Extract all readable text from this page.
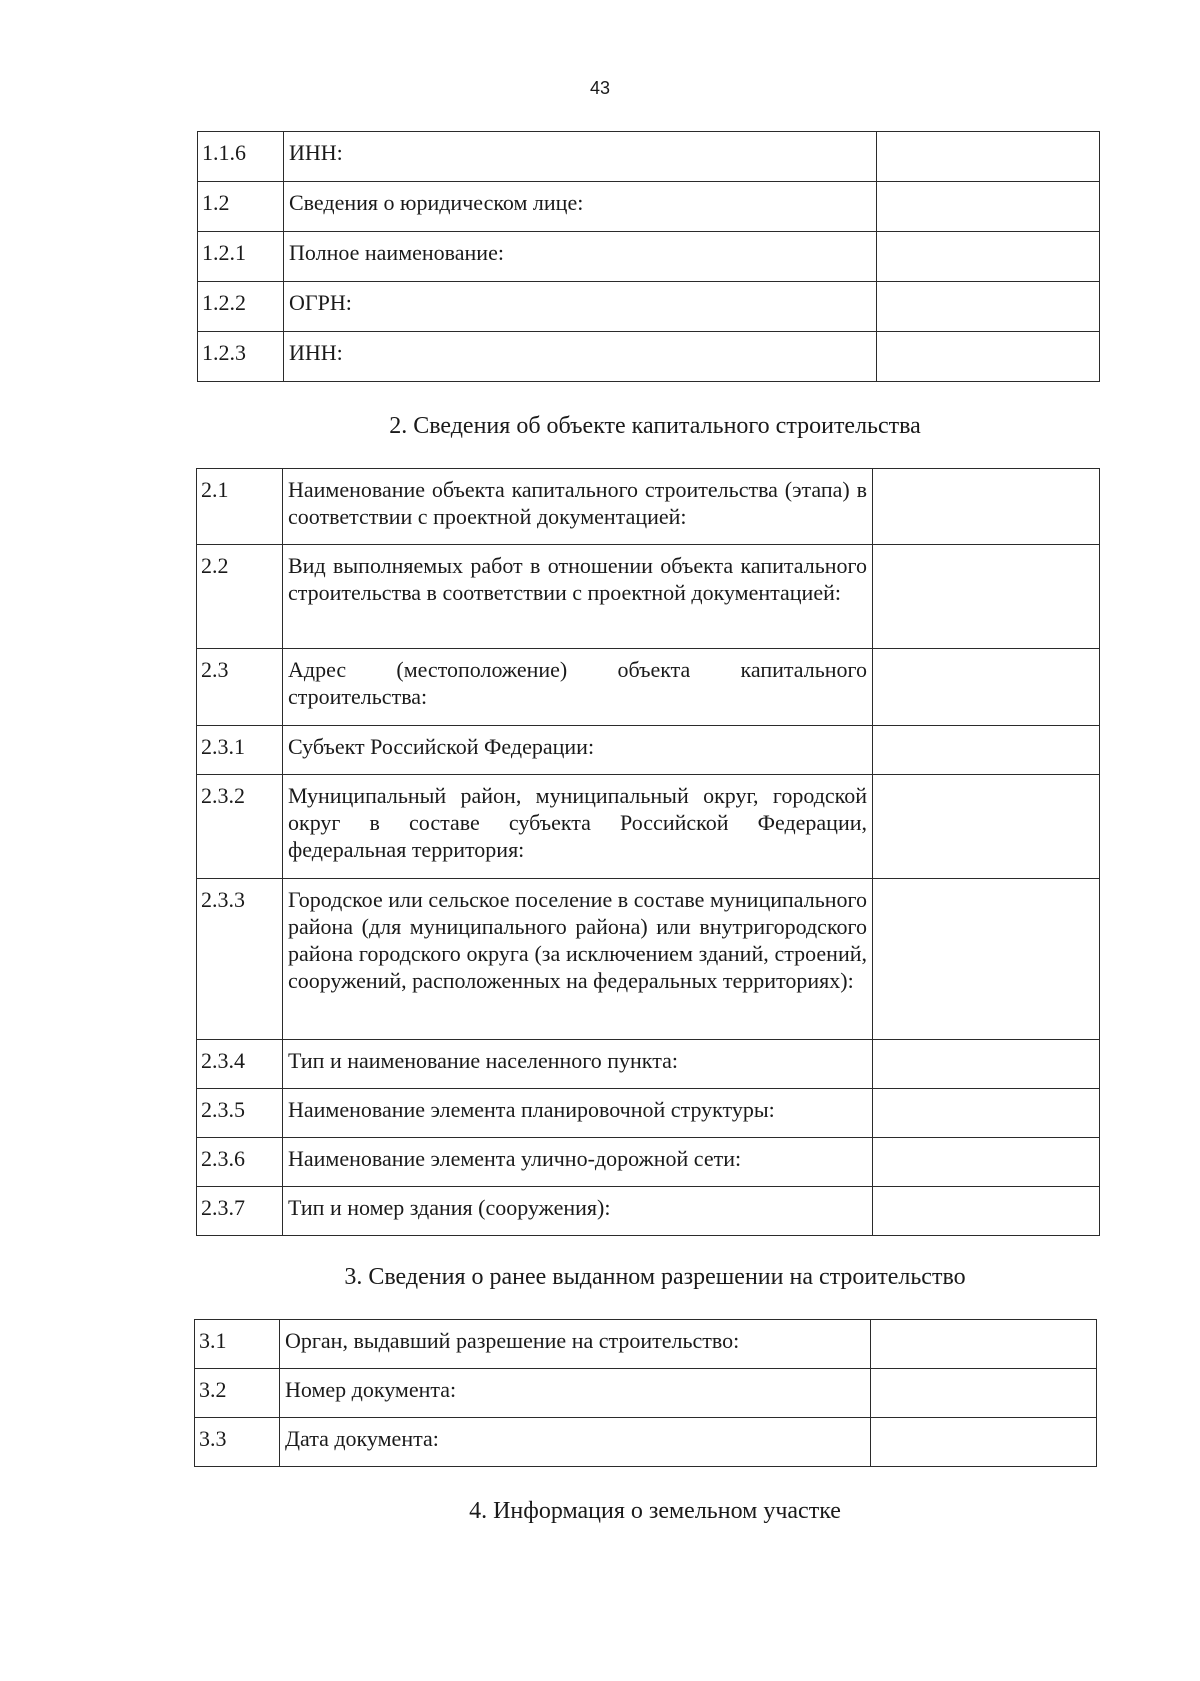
43
1.1.6	ИНН:	
1.2	Сведения о юридическом лице:	
1.2.1	Полное наименование:	
1.2.2	ОГРН:	
1.2.3	ИНН:	
2. Сведения об объекте капитального строительства
2.1	Наименование объекта капитального строительства (этапа) в соответствии с проектной документацией:	
2.2	Вид выполняемых работ в отношении объекта капитального строительства в соответствии с проектной документацией:	
2.3	Адрес (местоположение) объекта капитального строительства:	
2.3.1	Субъект Российской Федерации:	
2.3.2	Муниципальный район, муниципальный округ, городской округ в составе субъекта Российской Федерации, федеральная территория:	
2.3.3	Городское или сельское поселение в составе муниципального района (для муниципального района) или внутригородского района городского округа (за исключением зданий, строений, сооружений, расположенных на федеральных территориях):	
2.3.4	Тип и наименование населенного пункта:	
2.3.5	Наименование элемента планировочной структуры:	
2.3.6	Наименование элемента улично-дорожной сети:	
2.3.7	Тип и номер здания (сооружения):	
3. Сведения о ранее выданном разрешении на строительство
3.1	Орган, выдавший разрешение на строительство:	
3.2	Номер документа:	
3.3	Дата документа:	
4. Информация о земельном участке
